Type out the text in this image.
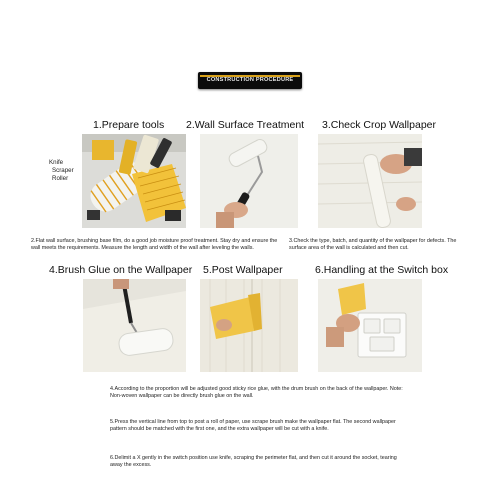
CONSTRUCTION PROCEDURE
1.Prepare tools
Knife
Scraper
Roller
2.Wall Surface Treatment
2.Flat wall surface, brushing base film, do a good job moisture proof treatment. Stay dry and ensure the wall meets the requirements. Measure the length and width of the wall after leveling the walls.
3.Check Crop Wallpaper
3.Check the type, batch, and quantity of the wallpaper for defects. The surface area of the wall is calculated and then cut.
4.Brush Glue on the Wallpaper 5.Post Wallpaper	6.Handling at the Switch box
4.According to the proportion will be adjusted good sticky rice glue, with the drum brush on the back of the wallpaper. Note: Non-woven wallpaper can be directly brush glue on the wall.
5.Press the vertical line from top to post a roll of paper, use scrape brush make the wallpaper flat. The second wallpaper pattern should be matched with the first one, and the extra wallpaper will be cut with a knife.
6.Delimit a X gently in the switch position use knife, scraping the perimeter flat, and then cut it around the socket, tearing away the excess.
